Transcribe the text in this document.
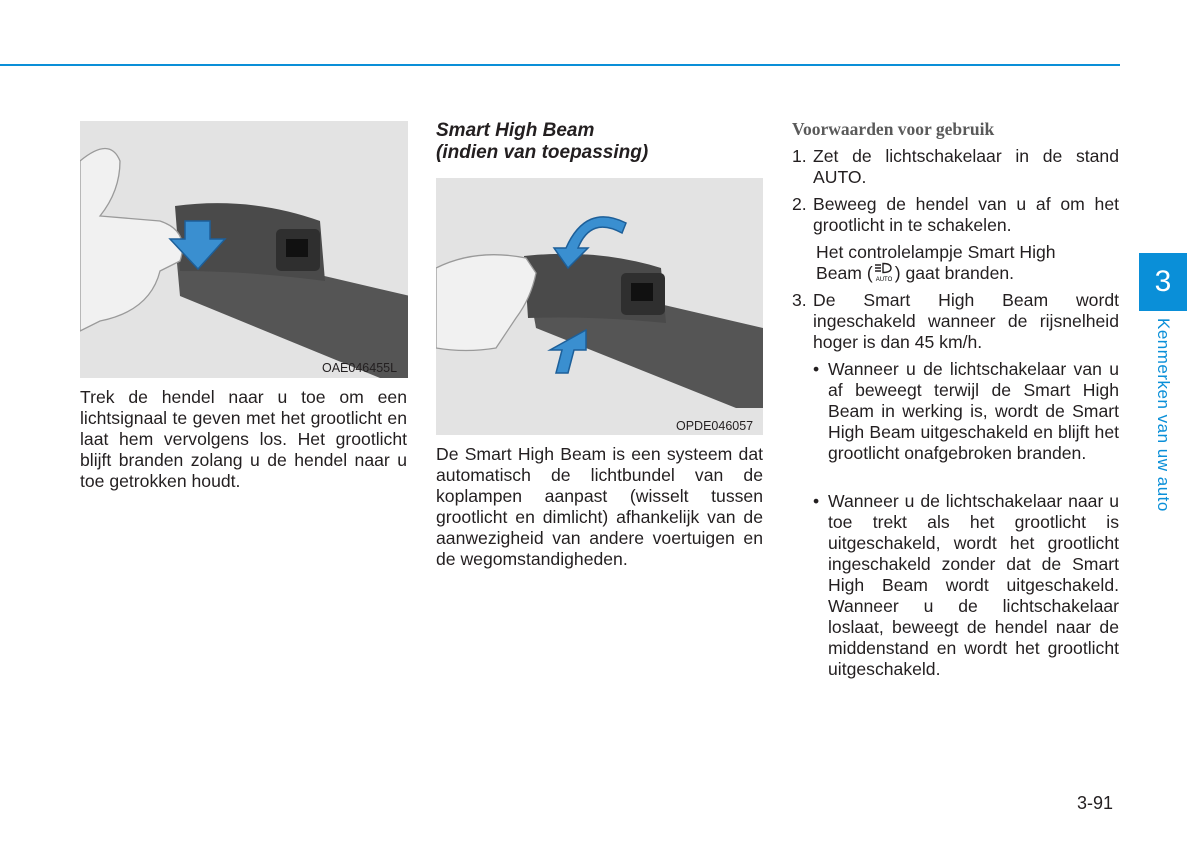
OAE046455L
Trek de hendel naar u toe om een lichtsignaal te geven met het grootlicht en laat hem vervolgens los. Het grootlicht blijft branden zolang u de hendel naar u toe getrokken houdt.
Smart High Beam
(indien van toepassing)
OPDE046057
De Smart High Beam is een systeem dat automatisch de lichtbundel van de koplampen aanpast (wisselt tussen grootlicht en dimlicht) afhankelijk van de aanwezigheid van andere voertuigen en de wegomstandigheden.
Voorwaarden voor gebruik
1. Zet de lichtschakelaar in de stand AUTO.
2. Beweeg de hendel van u af om het grootlicht in te schakelen.
Het controlelampje Smart High
Beam ( AUTO ) gaat branden.
3. De Smart High Beam wordt ingeschakeld wanneer de rijsnelheid hoger is dan 45 km/h.
• Wanneer u de lichtschakelaar van u af beweegt terwijl de Smart High Beam in werking is, wordt de Smart High Beam uitgeschakeld en blijft het grootlicht onafgebroken branden.
• Wanneer u de lichtschakelaar naar u toe trekt als het grootlicht is uitgeschakeld, wordt het grootlicht ingeschakeld zonder dat de Smart High Beam wordt uitgeschakeld. Wanneer u de lichtschakelaar loslaat, beweegt de hendel naar de middenstand en wordt het grootlicht uitgeschakeld.
3
Kenmerken van uw auto
3-91
